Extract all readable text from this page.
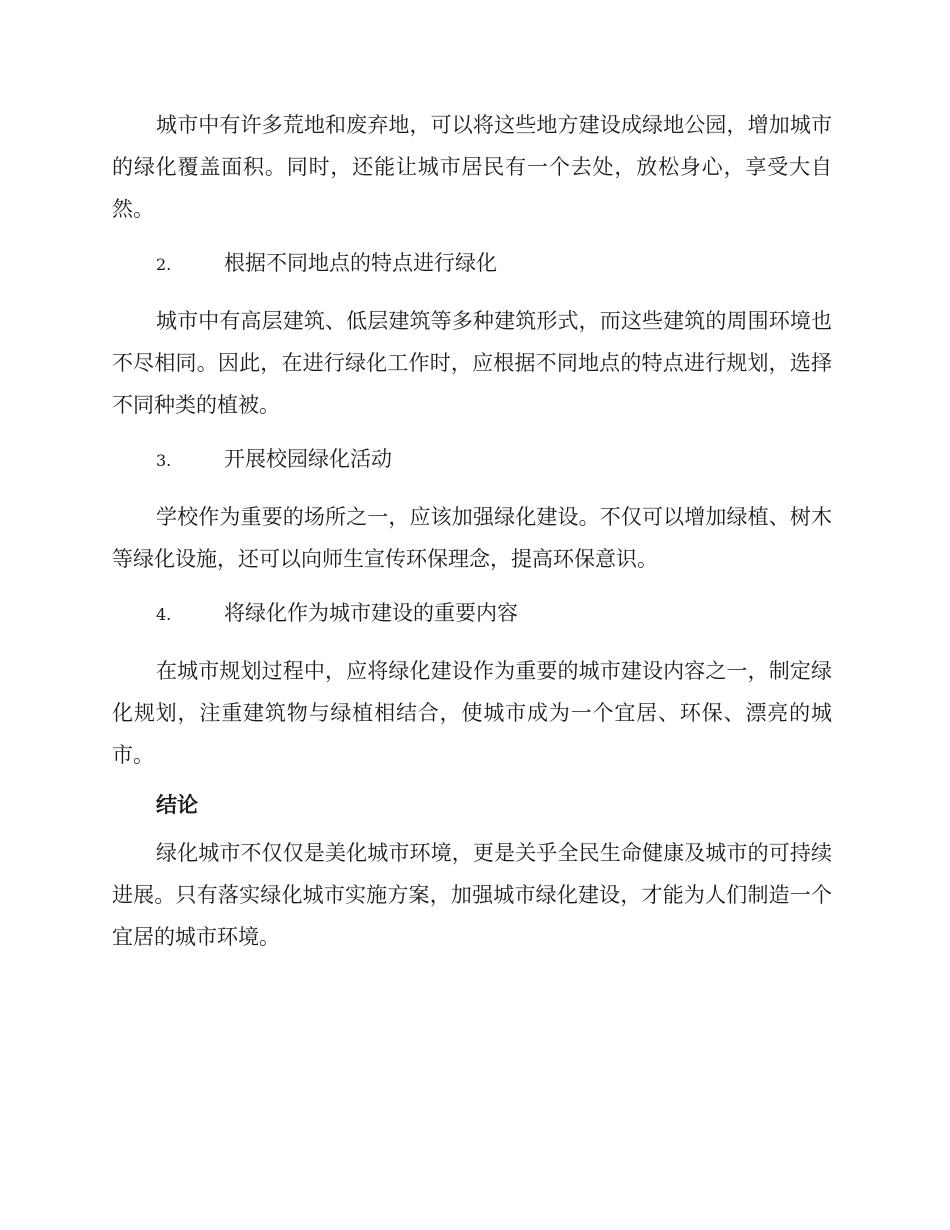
城市中有许多荒地和废弃地，可以将这些地方建设成绿地公园，增加城市的绿化覆盖面积。同时，还能让城市居民有一个去处，放松身心，享受大自然。

2.	根据不同地点的特点进行绿化

城市中有高层建筑、低层建筑等多种建筑形式，而这些建筑的周围环境也不尽相同。因此，在进行绿化工作时，应根据不同地点的特点进行规划，选择不同种类的植被。

3.	开展校园绿化活动

学校作为重要的场所之一，应该加强绿化建设。不仅可以增加绿植、树木等绿化设施，还可以向师生宣传环保理念，提高环保意识。

4.	将绿化作为城市建设的重要内容

在城市规划过程中，应将绿化建设作为重要的城市建设内容之一，制定绿化规划，注重建筑物与绿植相结合，使城市成为一个宜居、环保、漂亮的城市。

结论

绿化城市不仅仅是美化城市环境，更是关乎全民生命健康及城市的可持续进展。只有落实绿化城市实施方案，加强城市绿化建设，才能为人们制造一个宜居的城市环境。
